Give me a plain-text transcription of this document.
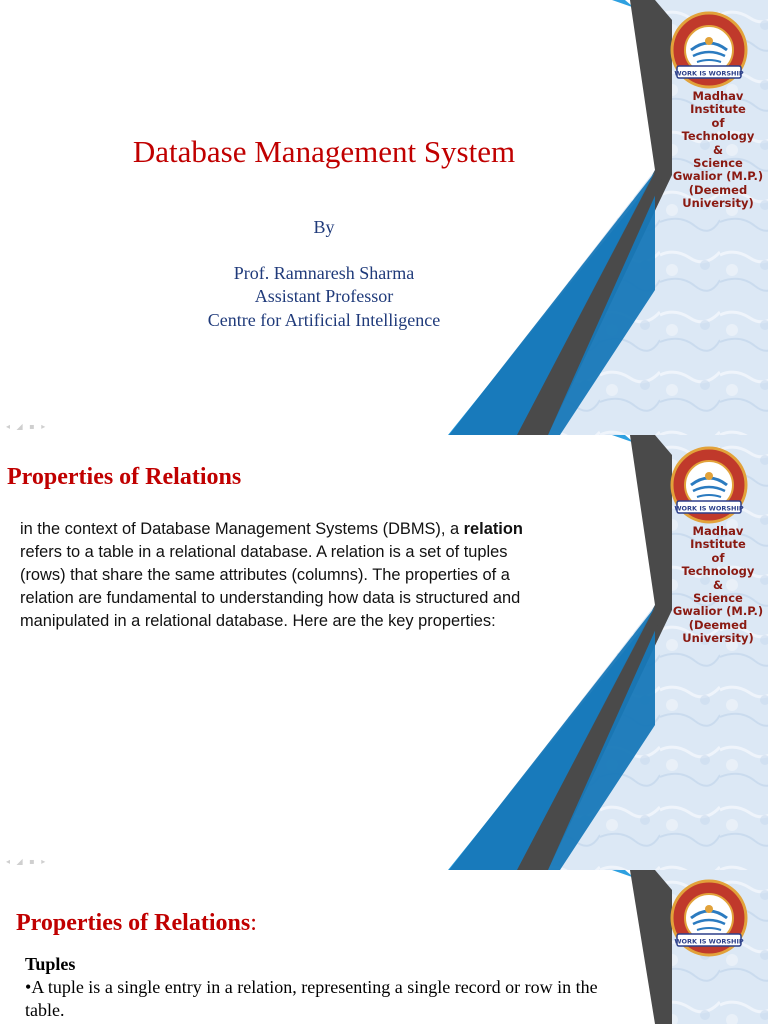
WORK IS WORSHIP
Madhav
Institute
of
Technology
&
Science
Gwalior (M.P.)
(Deemed
University)
Database Management System
By
Prof. Ramnaresh Sharma
Assistant Professor
Centre for Artificial Intelligence
◂ ◢ ▪ ▸
WORK IS WORSHIP
Madhav
Institute
of
Technology
&
Science
Gwalior (M.P.)
(Deemed
University)
Properties of Relations
in the context of Database Management Systems (DBMS), a relation refers to a table in a relational database. A relation is a set of tuples (rows) that share the same attributes (columns). The properties of a relation are fundamental to understanding how data is structured and manipulated in a relational database. Here are the key properties:
◂ ◢ ▪ ▸
WORK IS WORSHIP
Properties of Relations:
Tuples
•A tuple is a single entry in a relation, representing a single record or row in the table.
